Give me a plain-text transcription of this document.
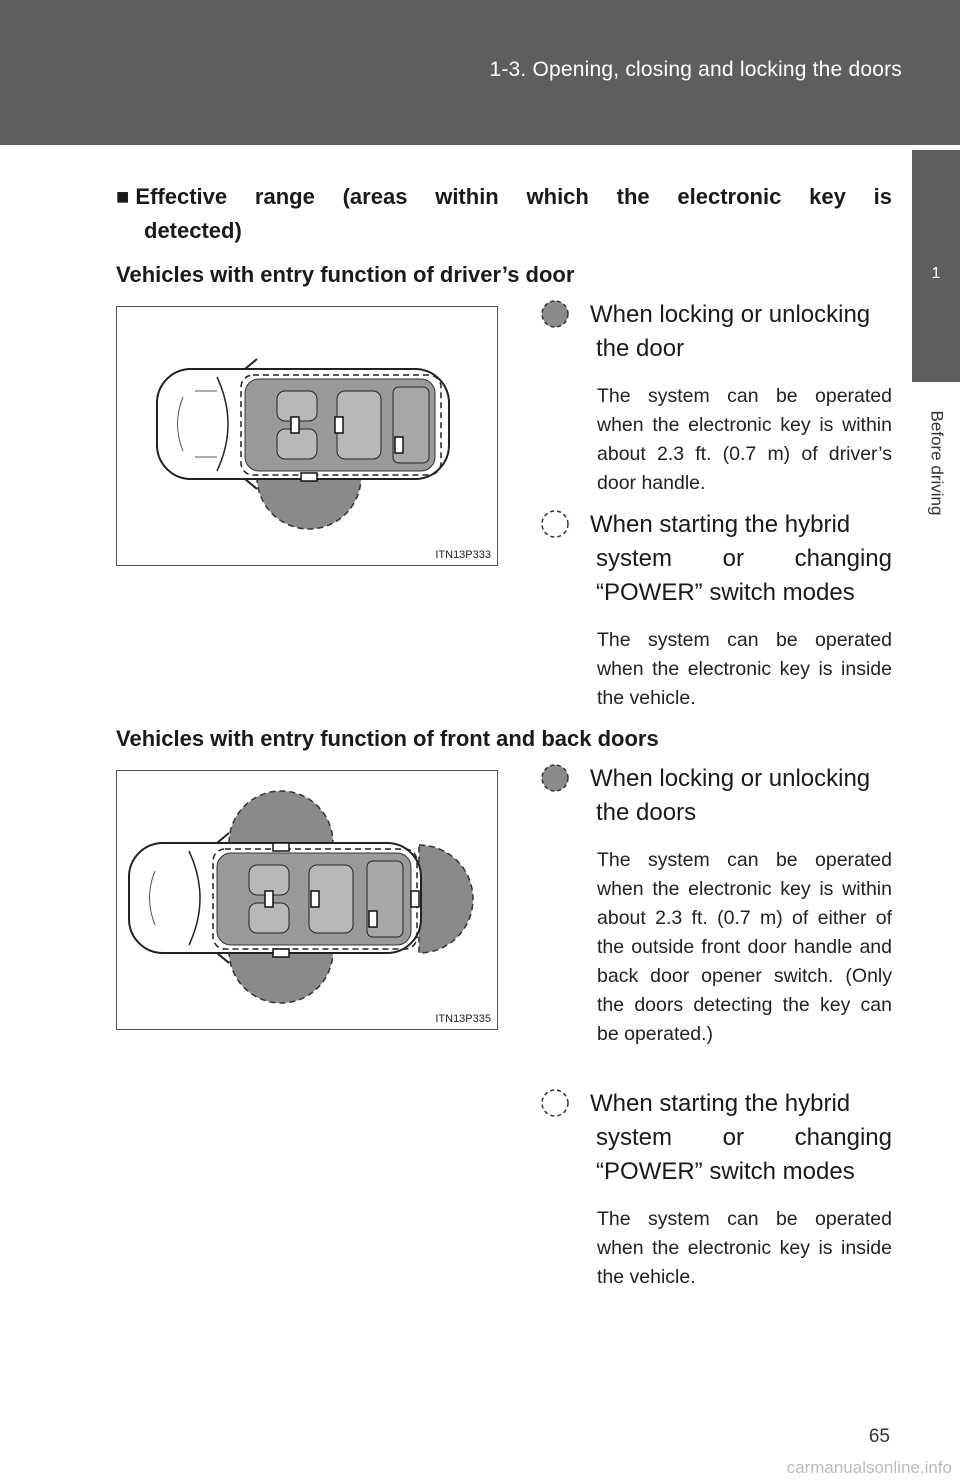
1-3. Opening, closing and locking the doors
1
Before driving
■ Effective range (areas within which the electronic key is
detected)
Vehicles with entry function of driver’s door
ITN13P333
When locking or unlocking
the door
The system can be operated when the electronic key is within about 2.3 ft. (0.7 m) of driver’s door handle.
When starting the hybrid
system or changing “POWER” switch modes
The system can be operated when the electronic key is inside the vehicle.
Vehicles with entry function of front and back doors
ITN13P335
When locking or unlocking
the doors
The system can be operated when the electronic key is within about 2.3 ft. (0.7 m) of either of the outside front door handle and back door opener switch. (Only the doors detecting the key can be operated.)
When starting the hybrid
system or changing “POWER” switch modes
The system can be operated when the electronic key is inside the vehicle.
65
carmanualsonline.info
